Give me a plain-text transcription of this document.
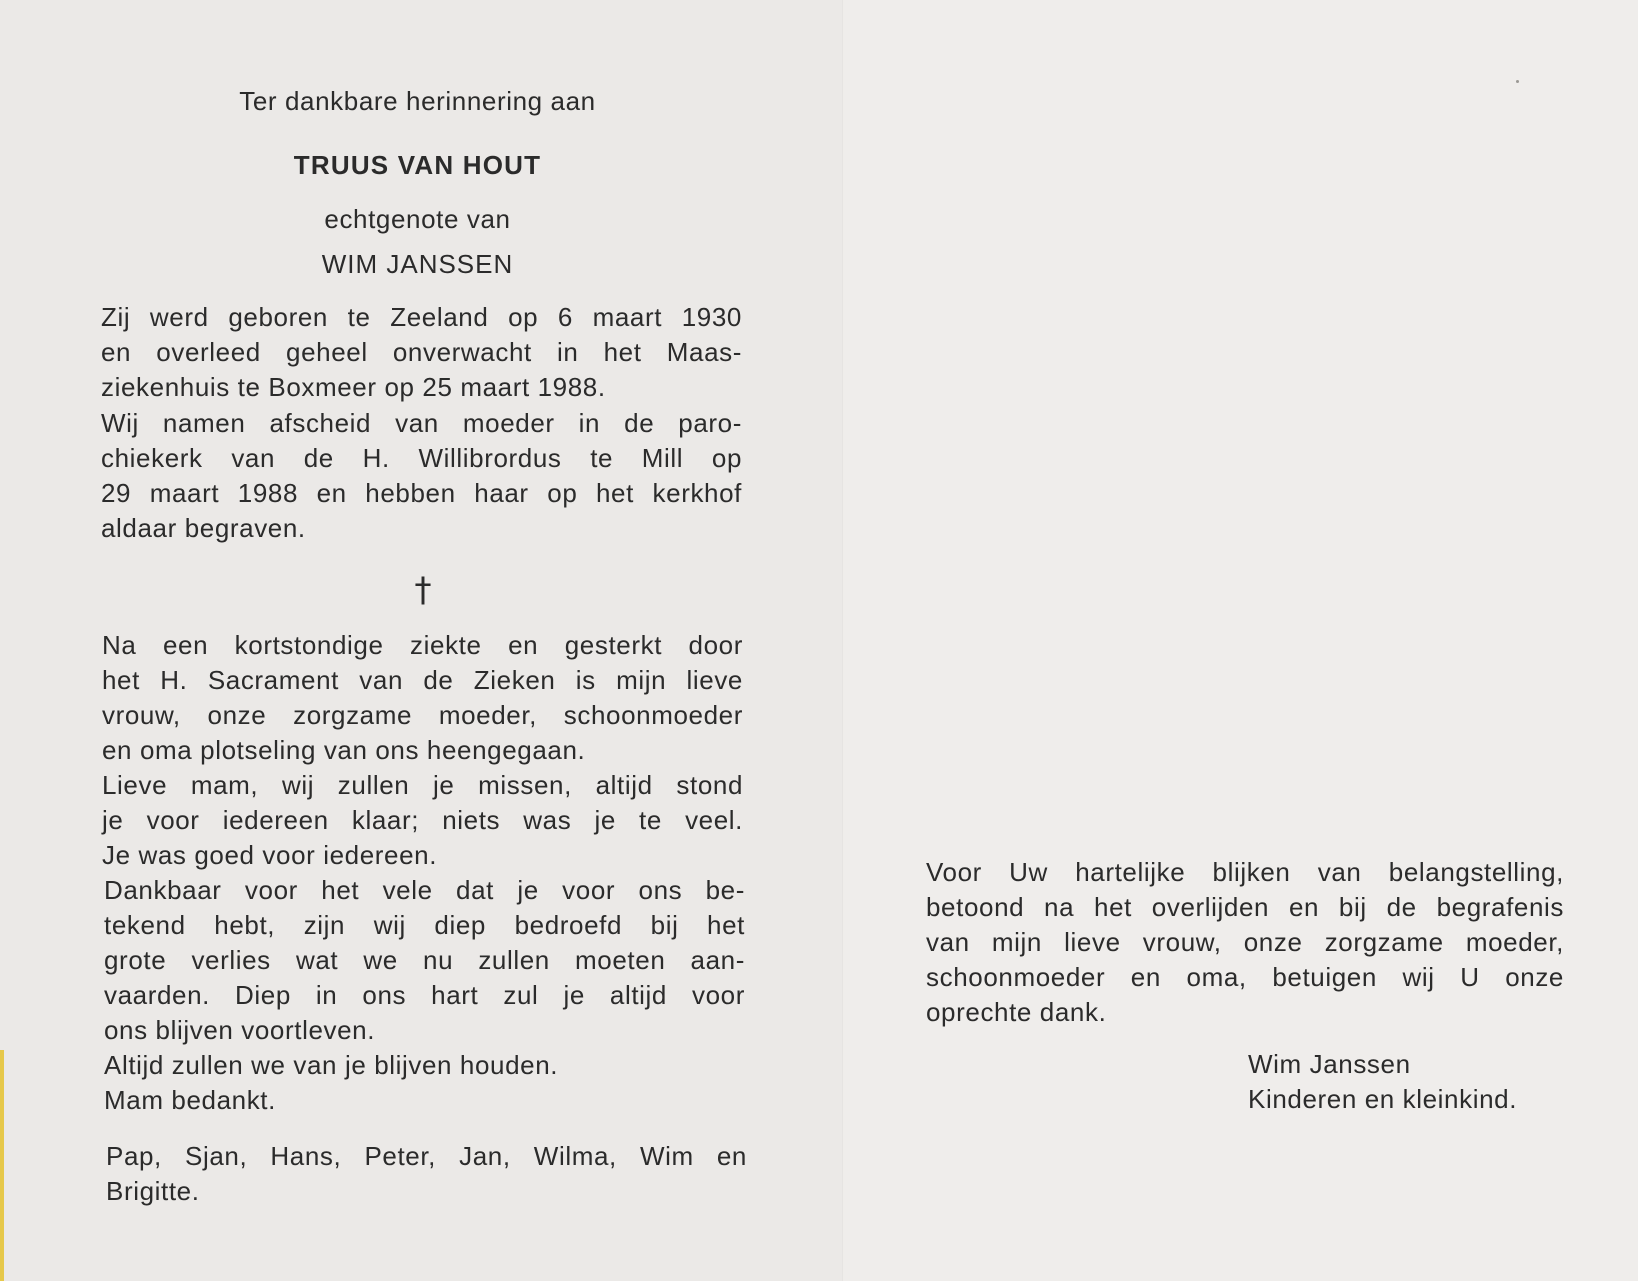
Ter dankbare herinnering aan
TRUUS VAN HOUT
echtgenote van
WIM JANSSEN
Zij werd geboren te Zeeland op 6 maart 1930
en overleed geheel onverwacht in het Maas-
ziekenhuis te Boxmeer op 25 maart 1988.
Wij namen afscheid van moeder in de paro-
chiekerk van de H. Willibrordus te Mill op
29 maart 1988 en hebben haar op het kerkhof
aldaar begraven.
†
Na een kortstondige ziekte en gesterkt door
het H. Sacrament van de Zieken is mijn lieve
vrouw, onze zorgzame moeder, schoonmoeder
en oma plotseling van ons heengegaan.
Lieve mam, wij zullen je missen, altijd stond
je voor iedereen klaar; niets was je te veel.
Je was goed voor iedereen.
Dankbaar voor het vele dat je voor ons be-
tekend hebt, zijn wij diep bedroefd bij het
grote verlies wat we nu zullen moeten aan-
vaarden. Diep in ons hart zul je altijd voor
ons blijven voortleven.
Altijd zullen we van je blijven houden.
Mam bedankt.
Pap, Sjan, Hans, Peter, Jan, Wilma, Wim en
Brigitte.
Voor Uw hartelijke blijken van belangstelling,
betoond na het overlijden en bij de begrafenis
van mijn lieve vrouw, onze zorgzame moeder,
schoonmoeder en oma, betuigen wij U onze
oprechte dank.
Wim Janssen
Kinderen en kleinkind.
